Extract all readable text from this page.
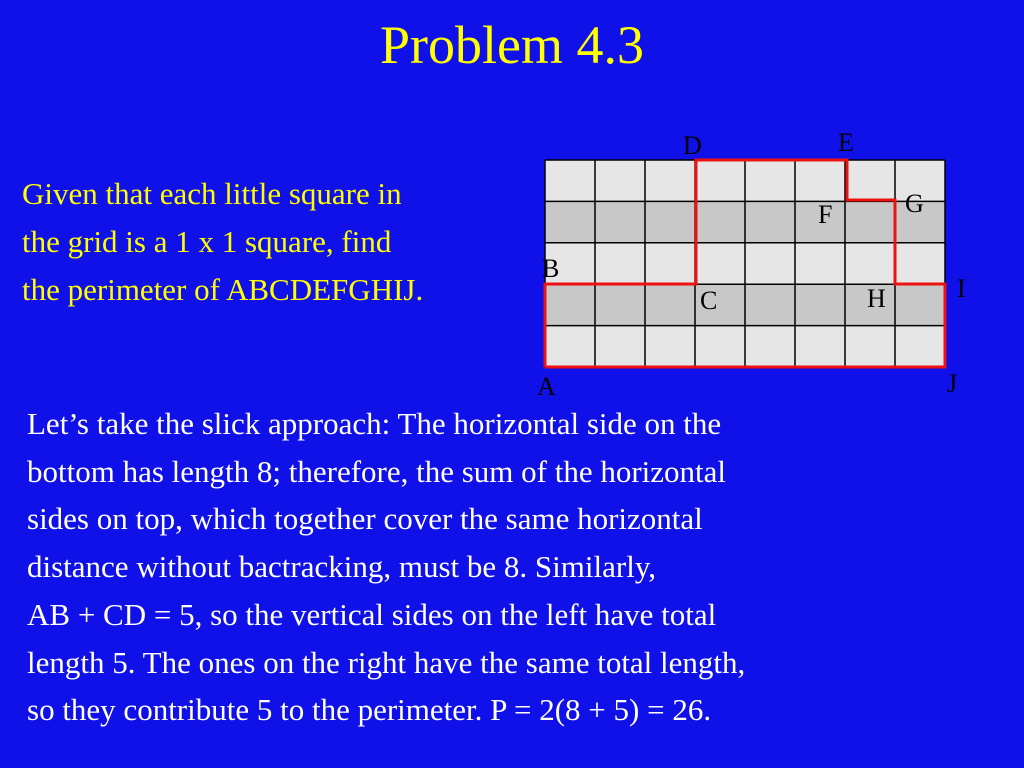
Problem 4.3
Given that each little square in
the grid is a 1 x 1 square, find
the perimeter of ABCDEFGHIJ.
A
B
C
D	E
F	G
H	I
J
Let’s take the slick approach: The horizontal side on the
bottom has length 8; therefore, the sum of the horizontal
sides on top, which together cover the same horizontal
distance without bactracking, must be 8. Similarly,
AB + CD = 5, so the vertical sides on the left have total
length 5. The ones on the right have the same total length,
so they contribute 5 to the perimeter. P = 2(8 + 5) = 26.
